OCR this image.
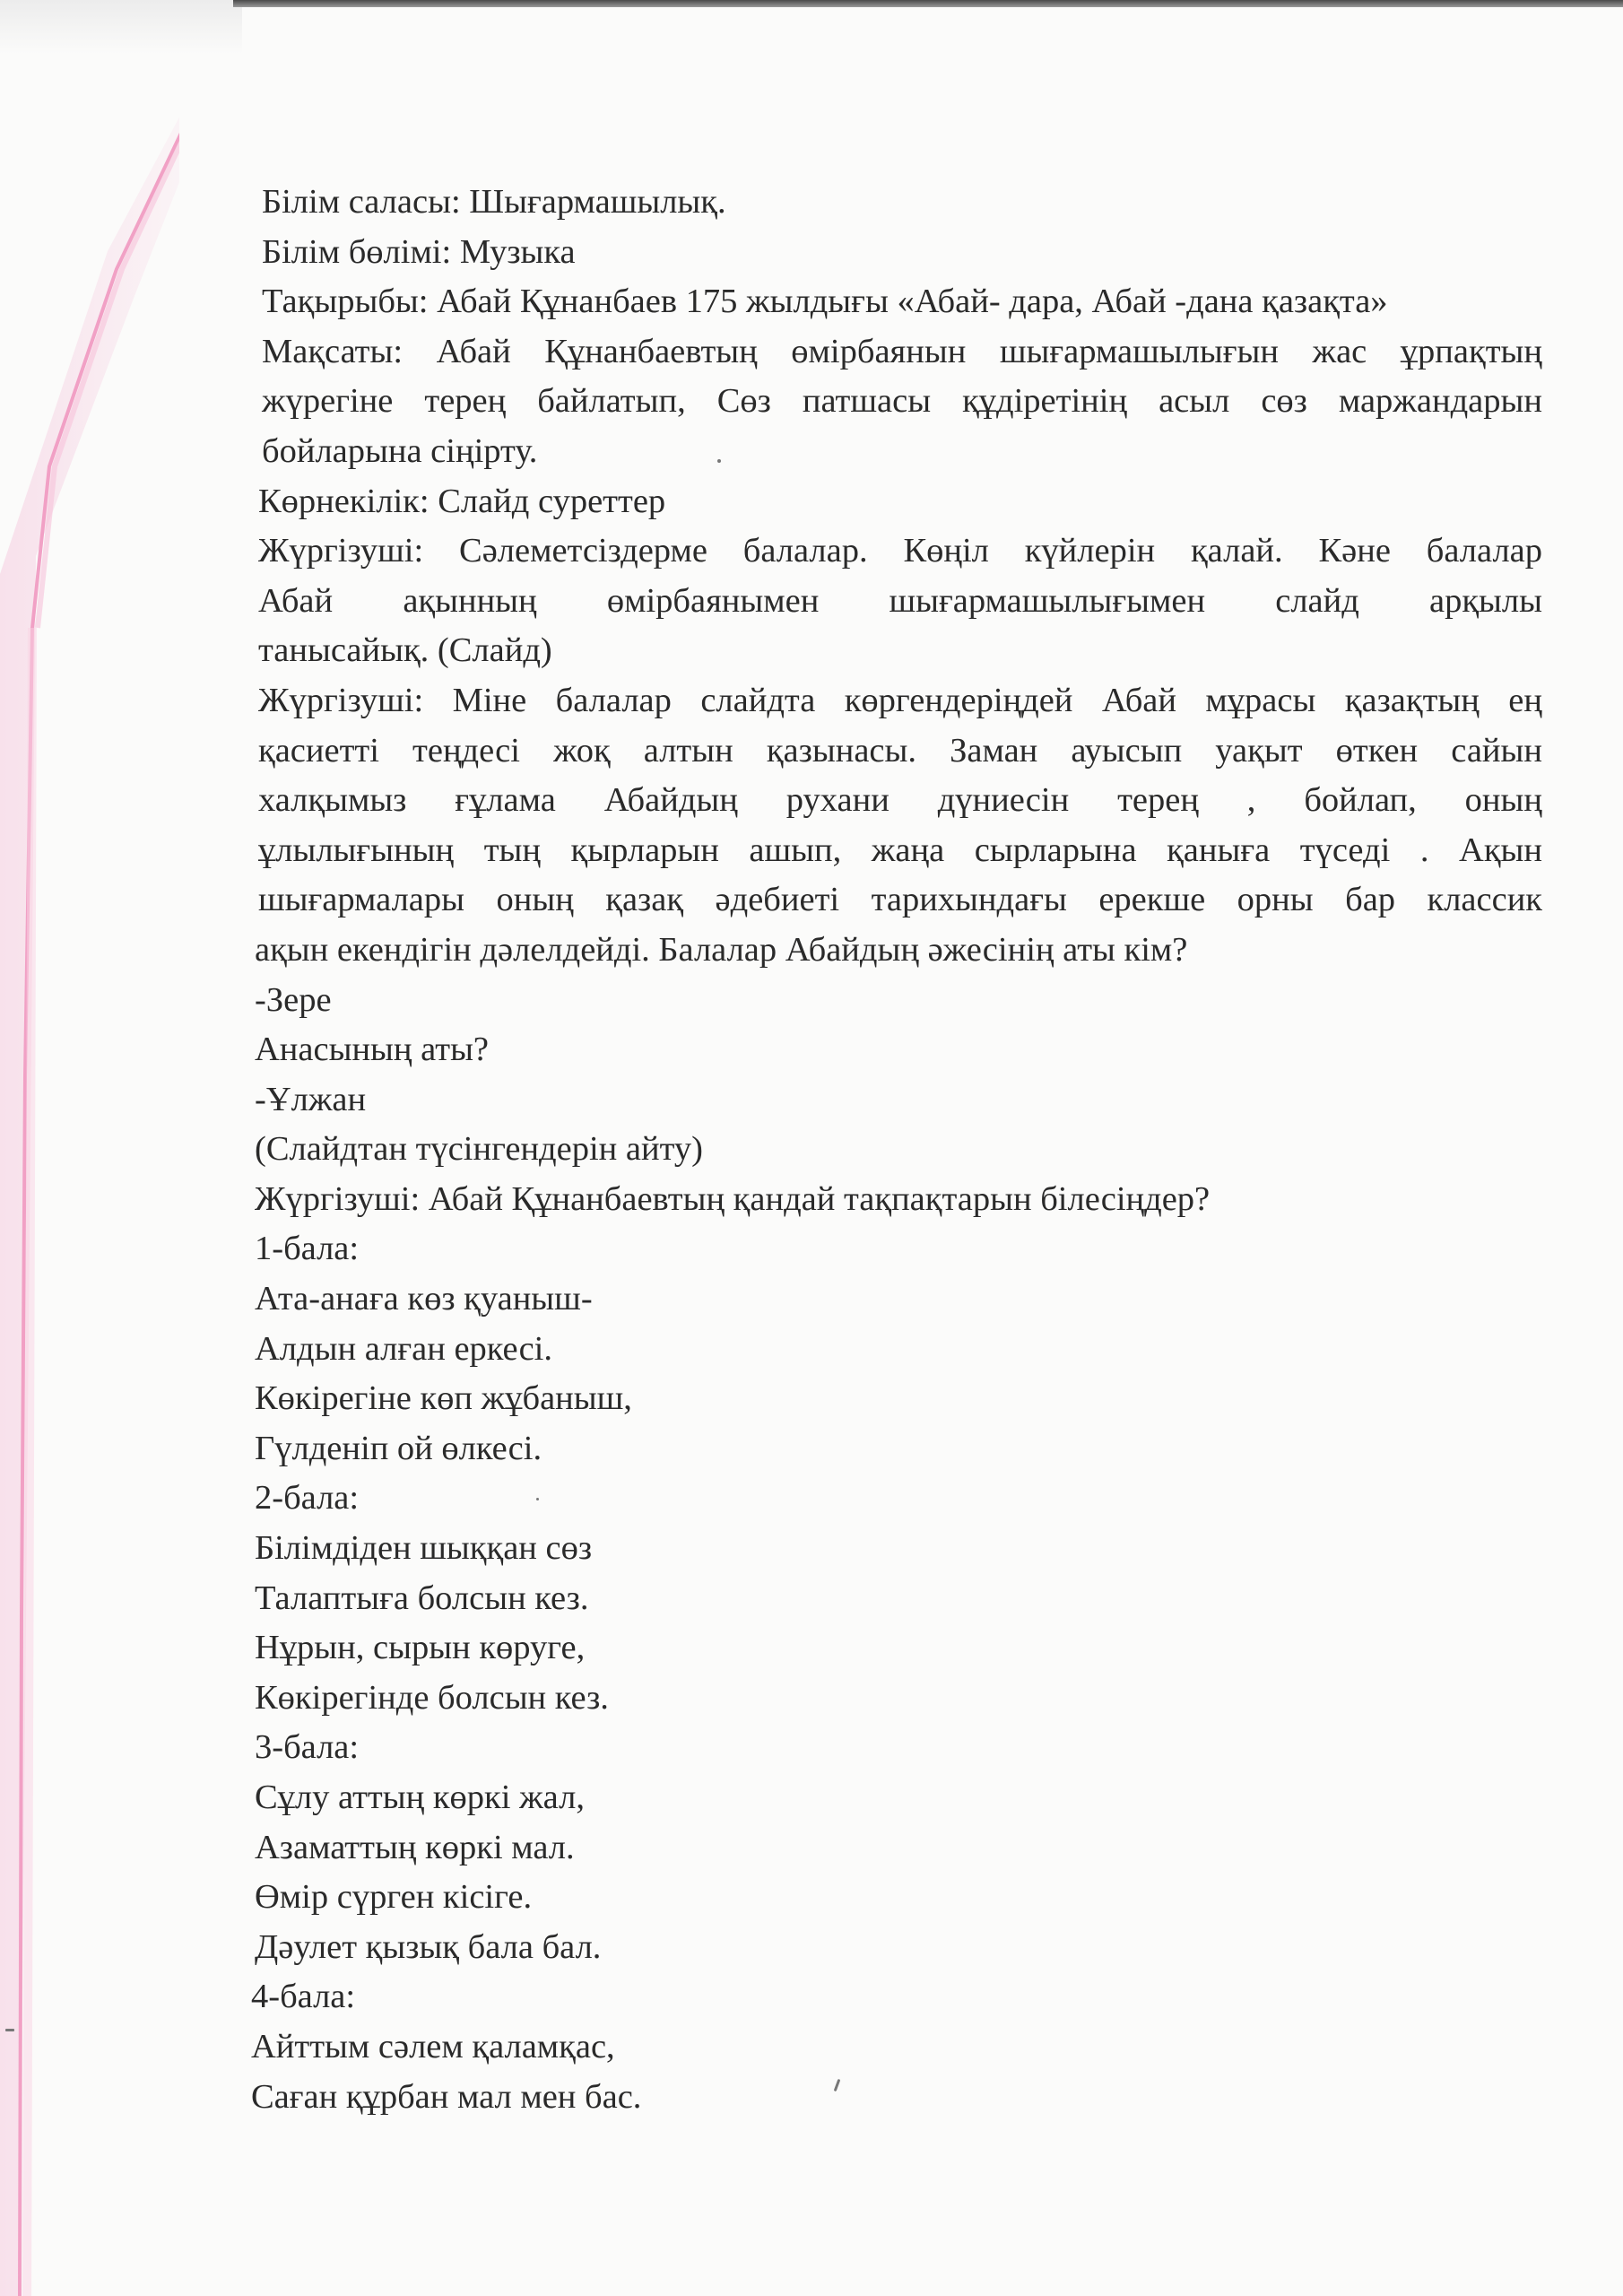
Білім саласы: Шығармашылық.
Білім бөлімі: Музыка
Тақырыбы: Абай Құнанбаев 175 жылдығы «Абай- дара, Абай -дана қазақта»
Мақсаты: Абай Құнанбаевтың өмірбаянын шығармашылығын жас ұрпақтың
жүрегіне терең байлатып, Сөз патшасы құдіретінің асыл сөз маржандарын
бойларына сіңірту.
Көрнекілік: Слайд суреттер
Жүргізуші: Сәлеметсіздерме балалар. Көңіл күйлерін қалай. Кәне балалар
Абай ақынның өмірбаянымен шығармашылығымен слайд арқылы
танысайық. (Слайд)
Жүргізуші: Міне балалар слайдта көргендеріңдей Абай мұрасы қазақтың ең
қасиетті теңдесі жоқ алтын қазынасы. Заман ауысып уақыт өткен сайын
халқымыз ғұлама Абайдың рухани дүниесін терең , бойлап, оның
ұлылығының тың қырларын ашып, жаңа сырларына қаныға түседі . Ақын
шығармалары оның қазақ әдебиеті тарихындағы ерекше орны бар классик
ақын екендігін дәлелдейді. Балалар Абайдың әжесінің аты кім?
-Зере
Анасының аты?
-Ұлжан
(Слайдтан түсінгендерін айту)
Жүргізуші: Абай Құнанбаевтың қандай тақпақтарын білесіңдер?
1-бала:
Ата-анаға көз қуаныш-
Алдын алған еркесі.
Көкірегіне көп жұбаныш,
Гүлденіп ой өлкесі.
2-бала:
Білімдіден шыққан сөз
Талаптыға болсын кез.
Нұрын, сырын көруге,
Көкірегінде болсын кез.
3-бала:
Сұлу аттың көркі жал,
Азаматтың көркі мал.
Өмір сүрген кісіге.
Дәулет қызық бала бал.
4-бала:
Айттым сәлем қаламқас,
Саған құрбан мал мен бас.
